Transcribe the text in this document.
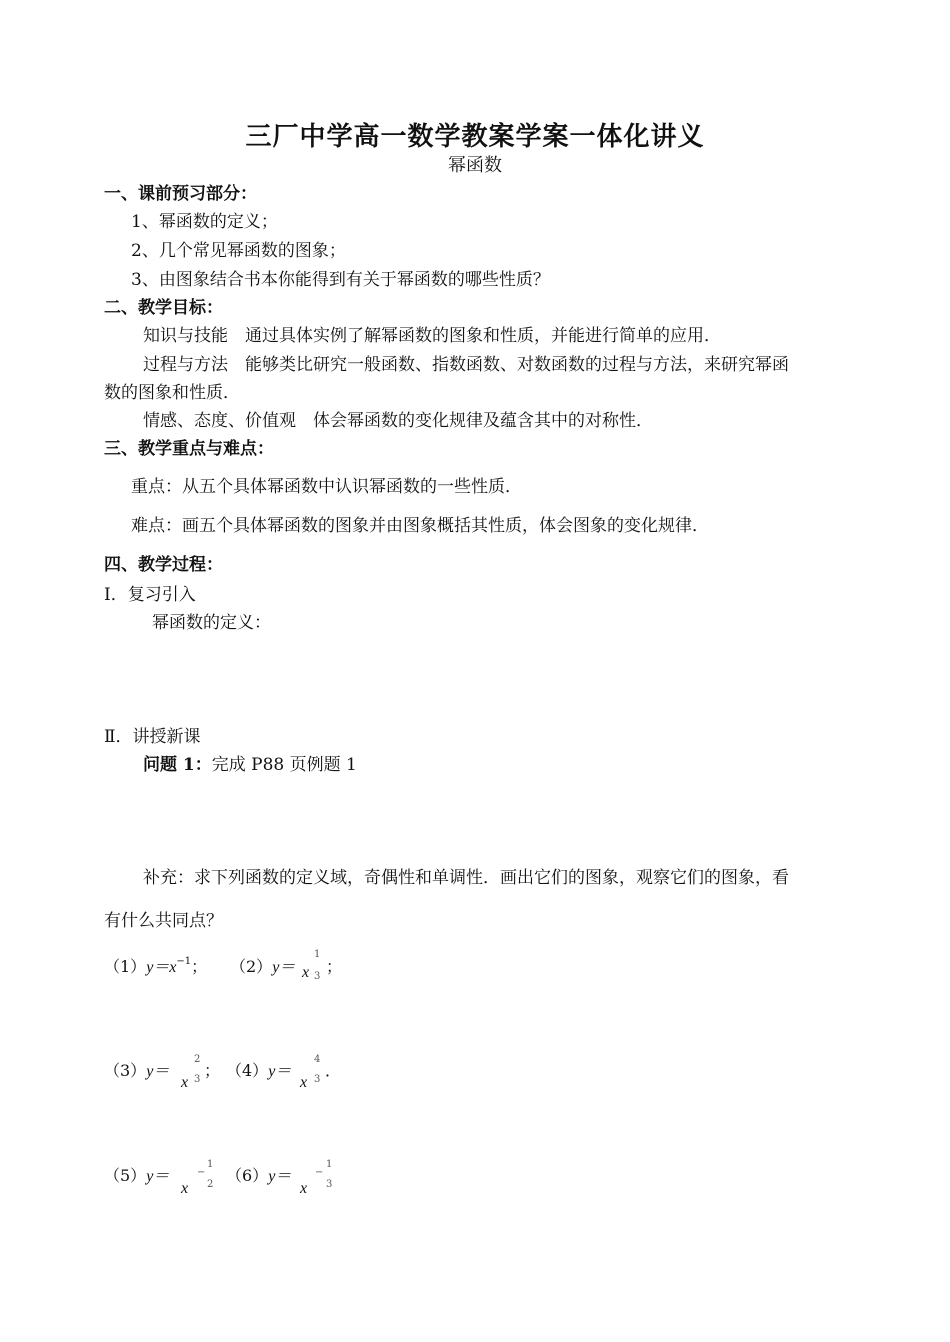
三厂中学高一数学教案学案一体化讲义
幂函数
一、课前预习部分：
1、幂函数的定义；
2、几个常见幂函数的图象；
3、由图象结合书本你能得到有关于幂函数的哪些性质？
二、教学目标：
知识与技能　通过具体实例了解幂函数的图象和性质，并能进行简单的应用．
过程与方法　能够类比研究一般函数、指数函数、对数函数的过程与方法，来研究幂函
数的图象和性质．
情感、态度、价值观　体会幂函数的变化规律及蕴含其中的对称性．
三、教学重点与难点：
重点：从五个具体幂函数中认识幂函数的一些性质．
难点：画五个具体幂函数的图象并由图象概括其性质，体会图象的变化规律．
四、教学过程：
Ⅰ．复习引入
幂函数的定义：
Ⅱ．讲授新课
问题 1：完成 P88 页例题 1
补充：求下列函数的定义域，奇偶性和单调性．画出它们的图象，观察它们的图象，看
有什么共同点？
$(1)y=x^{-1}$； （2）y＝ x
1
3
；
（3）y＝
x
2
3 ； （4）y＝
x
4
3 ．
（5）y＝
x
−
1
2 （6）y＝
x
−
1
3
